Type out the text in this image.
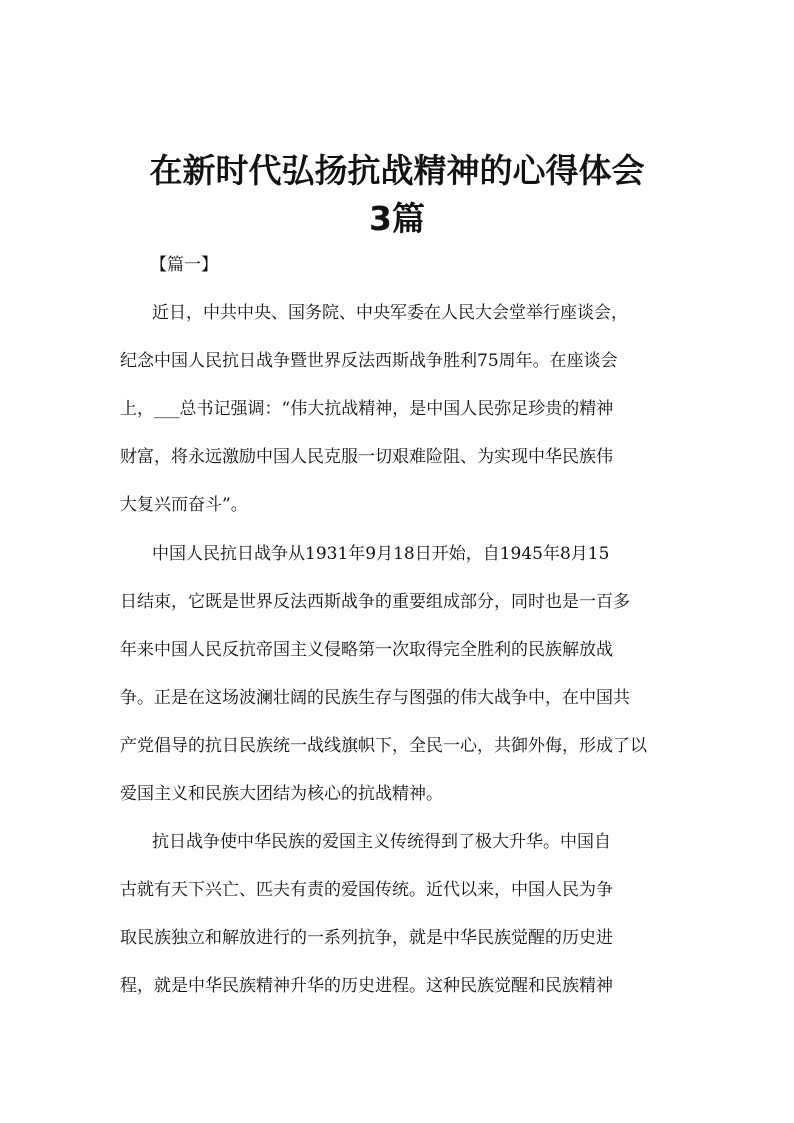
在新时代弘扬抗战精神的心得体会
3篇

【篇一】

近日，中共中央、国务院、中央军委在人民大会堂举行座谈会，

纪念中国人民抗日战争暨世界反法西斯战争胜利75周年。在座谈会

上，___总书记强调：“伟大抗战精神，是中国人民弥足珍贵的精神

财富，将永远激励中国人民克服一切艰难险阻、为实现中华民族伟

大复兴而奋斗”。

中国人民抗日战争从1931年9月18日开始，自1945年8月15

日结束，它既是世界反法西斯战争的重要组成部分，同时也是一百多

年来中国人民反抗帝国主义侵略第一次取得完全胜利的民族解放战

争。正是在这场波澜壮阔的民族生存与图强的伟大战争中，在中国共

产党倡导的抗日民族统一战线旗帜下，全民一心，共御外侮，形成了以

爱国主义和民族大团结为核心的抗战精神。

抗日战争使中华民族的爱国主义传统得到了极大升华。中国自

古就有天下兴亡、匹夫有责的爱国传统。近代以来，中国人民为争

取民族独立和解放进行的一系列抗争，就是中华民族觉醒的历史进

程，就是中华民族精神升华的历史进程。这种民族觉醒和民族精神
